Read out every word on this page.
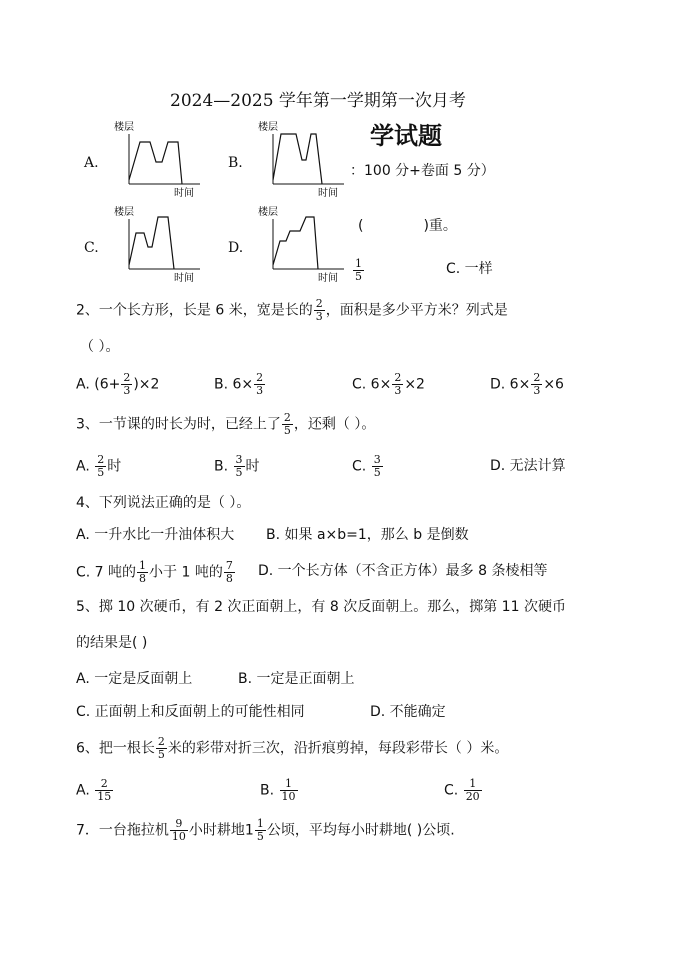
2024—2025 学年第一学期第一次月考
学试题
：100 分+卷面 5 分）
(	)重。
$\frac{1}{5}$	C. 一样
A.
楼层
时间
B.
楼层
时间
C.
楼层
时间
D.
楼层
时间
2、一个长方形，长是 6 米，宽是长的 $\frac{2}{3}$ ，面积是多少平方米？列式是
（ ）。
A. $(6+ \frac{2}{3} )\times 2$	B. $6\times \frac{2}{3}$	C. $6\times \frac{2}{3} \times 2$	D. $6\times \frac{2}{3} \times 6$
3、一节课的时长为时，已经上了 $\frac{2}{5}$ ，还剩（ ）。
A. $\frac{2}{5}$ 时	B. $\frac{3}{5}$ 时	C. $\frac{3}{5}$	D. 无法计算
4、下列说法正确的是（ ）。
A. 一升水比一升油体积大 B. 如果 a×b=1，那么 b 是倒数
C. 7 吨的 $\frac{1}{8}$ 小于 1 吨的 $\frac{7}{8} D$. 一个长方体（不含正方体）最多 8 条棱相等
5、掷 10 次硬币，有 2 次正面朝上，有 8 次反面朝上。那么，掷第 11 次硬币
的结果是( )
A. 一定是反面朝上	B. 一定是正面朝上
C. 正面朝上和反面朝上的可能性相同	D. 不能确定
6、把一根长 $\frac{2}{5}$ 米的彩带对折三次，沿折痕剪掉，每段彩带长（ ）米。
A. $\frac{2}{15}$	B. $\frac{1}{10}$	C. $\frac{1}{20}$
7．一台拖拉机 $\frac{9}{10}$ 小时耕地$1 \frac{1}{5}$ 公顷，平均每小时耕地( )公顷.
